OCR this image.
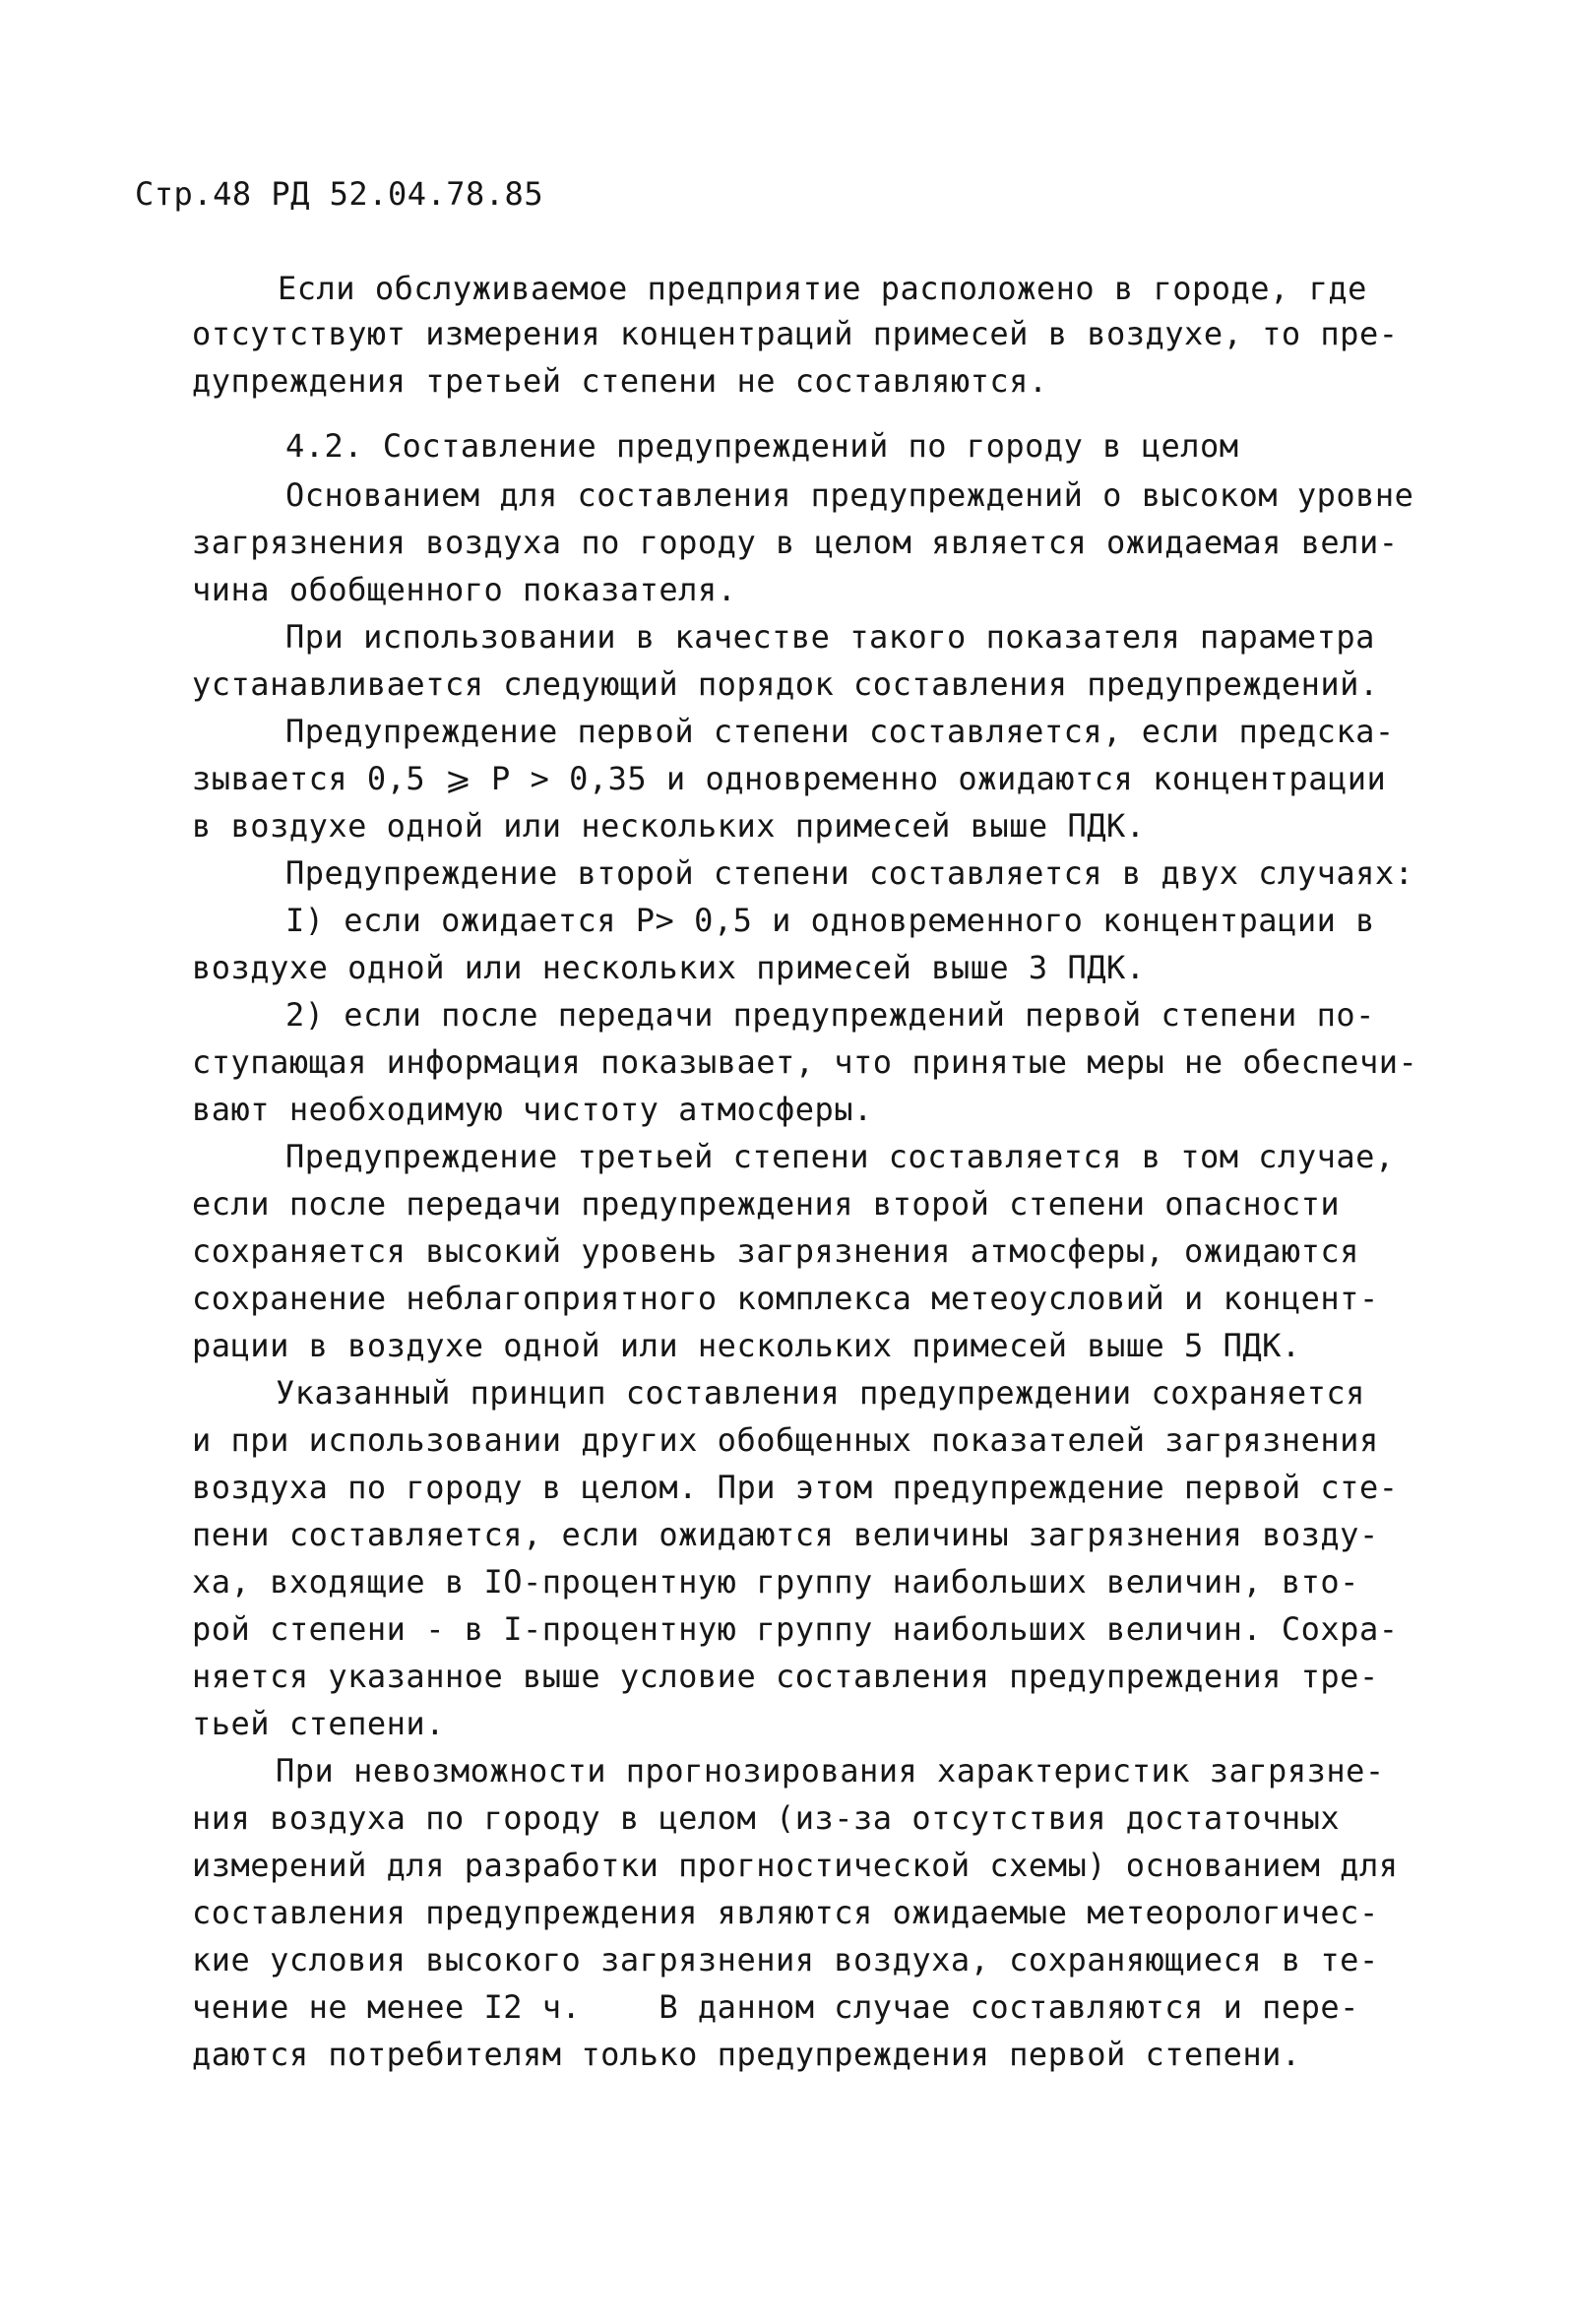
Стр.48 РД 52.04.78.85
Если обслуживаемое предприятие расположено в городе, где
отсутствуют измерения концентраций примесей в воздухе, то пре-
дупреждения третьей степени не составляются.
4.2. Составление предупреждений по городу в целом
Основанием для составления предупреждений о высоком уровне
загрязнения воздуха по городу в целом является ожидаемая вели-
чина обобщенного показателя.
При использовании в качестве такого показателя параметра
устанавливается следующий порядок составления предупреждений.
Предупреждение первой степени составляется, если предска-
зывается 0,5 ⩾ P > 0,35 и одновременно ожидаются концентрации
в воздухе одной или нескольких примесей выше ПДК.
Предупреждение второй степени составляется в двух случаях:
I) если ожидается P> 0,5 и одновременного концентрации в
воздухе одной или нескольких примесей выше 3 ПДК.
2) если после передачи предупреждений первой степени по-
ступающая информация показывает, что принятые меры не обеспечи-
вают необходимую чистоту атмосферы.
Предупреждение третьей степени составляется в том случае,
если после передачи предупреждения второй степени опасности
сохраняется высокий уровень загрязнения атмосферы, ожидаются
сохранение неблагоприятного комплекса метеоусловий и концент-
рации в воздухе одной или нескольких примесей выше 5 ПДК.
Указанный принцип составления предупреждении сохраняется
и при использовании других обобщенных показателей загрязнения
воздуха по городу в целом. При этом предупреждение первой сте-
пени составляется, если ожидаются величины загрязнения возду-
ха, входящие в IO-процентную группу наибольших величин, вто-
рой степени - в I-процентную группу наибольших величин. Сохра-
няется указанное выше условие составления предупреждения тре-
тьей степени.
При невозможности прогнозирования характеристик загрязне-
ния воздуха по городу в целом (из-за отсутствия достаточных
измерений для разработки прогностической схемы) основанием для
составления предупреждения являются ожидаемые метеорологичес-
кие условия высокого загрязнения воздуха, сохраняющиеся в те-
чение не менее I2 ч.    В данном случае составляются и пере-
даются потребителям только предупреждения первой степени.
